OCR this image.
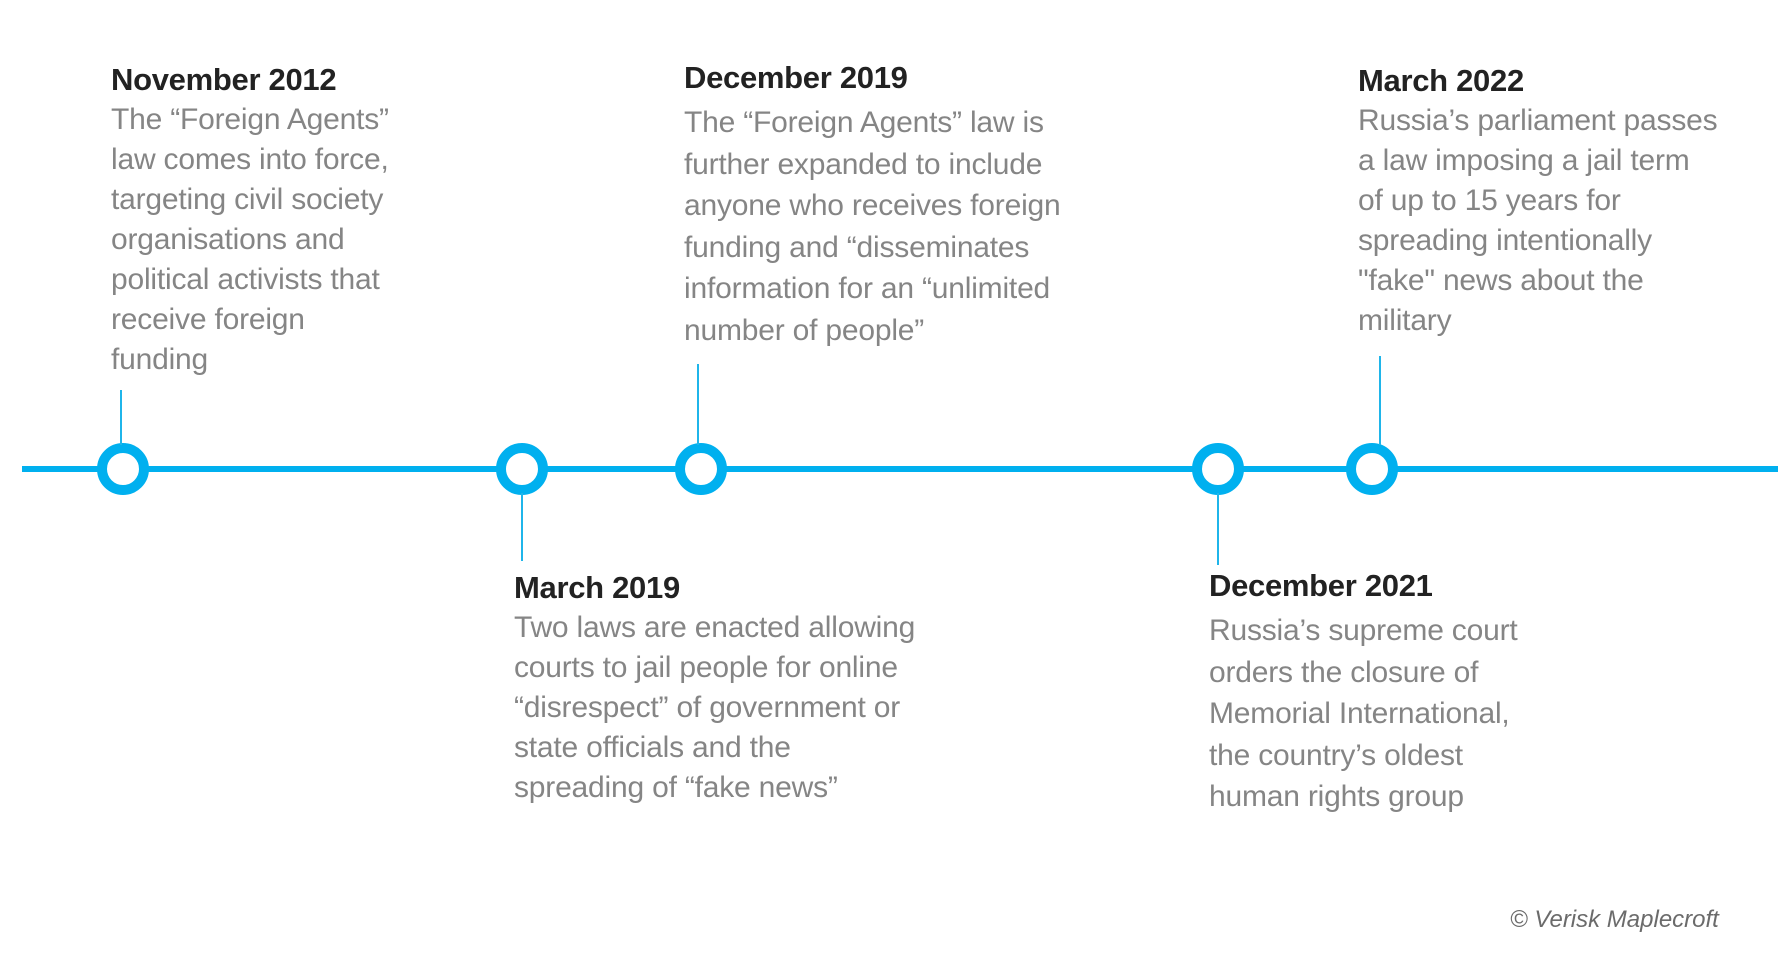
November 2012
The “Foreign Agents”
law comes into force,
targeting civil society
organisations and
political activists that
receive foreign
funding
March 2019
Two laws are enacted allowing
courts to jail people for online
“disrespect” of government or
state officials and the
spreading of “fake news”
December 2019
The “Foreign Agents” law is
further expanded to include
anyone who receives foreign
funding and “disseminates
information for an “unlimited
number of people”
December 2021
Russia’s supreme court
orders the closure of
Memorial International,
the country’s oldest
human rights group
March 2022
Russia’s parliament passes
a law imposing a jail term
of up to 15 years for
spreading intentionally
"fake" news about the
military
© Verisk Maplecroft
